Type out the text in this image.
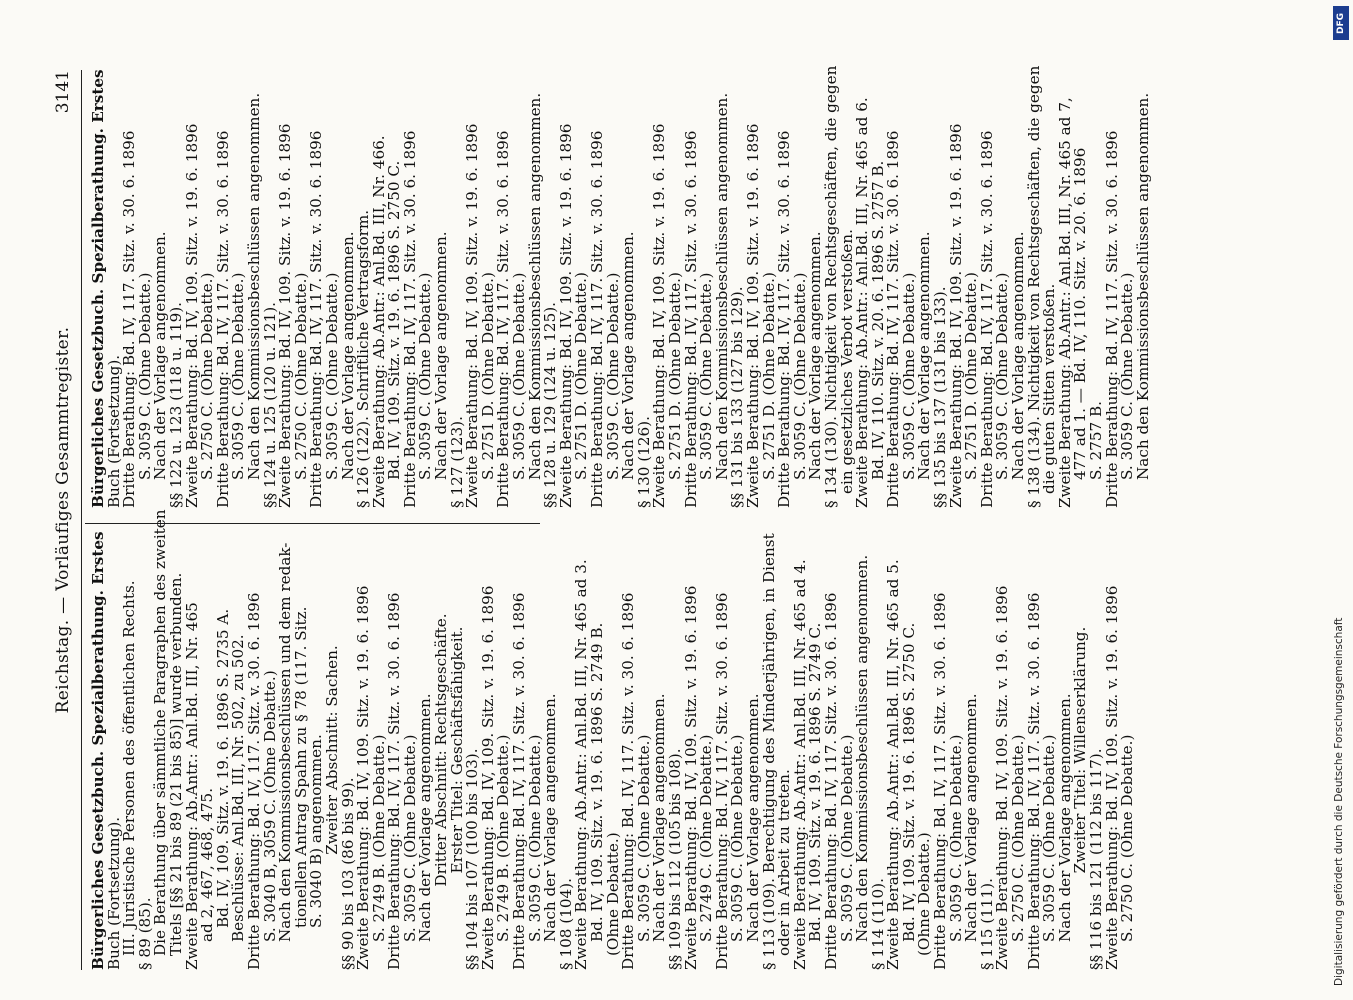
Reichstag. — Vorläufiges Gesammtregister.
3141
Bürgerliches Gesetzbuch. Spezialberathung. Erstes
Buch (Fortsetzung).
III. Juristische Personen des öffentlichen Rechts.
§ 89 (85).
Die Berathung über sämmtliche Paragraphen des zweiten
Titels [§§ 21 bis 89 (21 bis 85)] wurde verbunden.
Zweite Berathung: Ab.Antr.: Anl.Bd. III, Nr. 465
ad 2, 467, 468, 475.
Bd. IV, 109. Sitz. v. 19. 6. 1896 S. 2735 A.
Beschlüsse: Anl.Bd. III, Nr. 502, zu 502.
Dritte Berathung: Bd. IV, 117. Sitz. v. 30. 6. 1896
S. 3040 B, 3059 C. (Ohne Debatte.)
Nach den Kommissionsbeschlüssen und dem redak-
tionellen Antrag Spahn zu § 78 (117. Sitz.
S. 3040 B) angenommen.
Zweiter Abschnitt: Sachen.
§§ 90 bis 103 (86 bis 99).
Zweite Berathung: Bd. IV, 109. Sitz. v. 19. 6. 1896
S. 2749 B. (Ohne Debatte.)
Dritte Berathung: Bd. IV, 117. Sitz. v. 30. 6. 1896
S. 3059 C. (Ohne Debatte.)
Nach der Vorlage angenommen.
Dritter Abschnitt: Rechtsgeschäfte.
Erster Titel: Geschäftsfähigkeit.
§§ 104 bis 107 (100 bis 103).
Zweite Berathung: Bd. IV, 109. Sitz. v. 19. 6. 1896
S. 2749 B. (Ohne Debatte.)
Dritte Berathung: Bd. IV, 117. Sitz. v. 30. 6. 1896
S. 3059 C. (Ohne Debatte.)
Nach der Vorlage angenommen.
§ 108 (104).
Zweite Berathung: Ab.Antr.: Anl.Bd. III, Nr. 465 ad 3.
Bd. IV, 109. Sitz. v. 19. 6. 1896 S. 2749 B.
(Ohne Debatte.)
Dritte Berathung: Bd. IV, 117. Sitz. v. 30. 6. 1896
S. 3059 C. (Ohne Debatte.)
Nach der Vorlage angenommen.
§§ 109 bis 112 (105 bis 108).
Zweite Berathung: Bd. IV, 109. Sitz. v. 19. 6. 1896
S. 2749 C. (Ohne Debatte.)
Dritte Berathung: Bd. IV, 117. Sitz. v. 30. 6. 1896
S. 3059 C. (Ohne Debatte.)
Nach der Vorlage angenommen.
§ 113 (109). Berechtigung des Minderjährigen, in Dienst
oder in Arbeit zu treten.
Zweite Berathung: Ab.Antr.: Anl.Bd. III, Nr. 465 ad 4.
Bd. IV, 109. Sitz. v. 19. 6. 1896 S. 2749 C.
Dritte Berathung: Bd. IV, 117. Sitz. v. 30. 6. 1896
S. 3059 C. (Ohne Debatte.)
Nach den Kommissionsbeschlüssen angenommen.
§ 114 (110).
Zweite Berathung: Ab.Antr.: Anl.Bd. III, Nr. 465 ad 5.
Bd. IV, 109. Sitz. v. 19. 6. 1896 S. 2750 C.
(Ohne Debatte.)
Dritte Berathung: Bd. IV, 117. Sitz. v. 30. 6. 1896
S. 3059 C. (Ohne Debatte.)
Nach der Vorlage angenommen.
§ 115 (111).
Zweite Berathung: Bd. IV, 109. Sitz. v. 19. 6. 1896
S. 2750 C. (Ohne Debatte.)
Dritte Berathung: Bd. IV, 117. Sitz. v. 30. 6. 1896
S. 3059 C. (Ohne Debatte.)
Nach der Vorlage angenommen.
Zweiter Titel: Willenserklärung.
§§ 116 bis 121 (112 bis 117).
Zweite Berathung: Bd. IV, 109. Sitz. v. 19. 6. 1896
S. 2750 C. (Ohne Debatte.)
Bürgerliches Gesetzbuch. Spezialberathung. Erstes
Buch (Fortsetzung).
Dritte Berathung: Bd. IV, 117. Sitz. v. 30. 6. 1896
S. 3059 C. (Ohne Debatte.)
Nach der Vorlage angenommen.
§§ 122 u. 123 (118 u. 119).
Zweite Berathung: Bd. IV, 109. Sitz. v. 19. 6. 1896
S. 2750 C. (Ohne Debatte.)
Dritte Berathung: Bd. IV, 117. Sitz. v. 30. 6. 1896
S. 3059 C. (Ohne Debatte.)
Nach den Kommissionsbeschlüssen angenommen.
§§ 124 u. 125 (120 u. 121).
Zweite Berathung: Bd. IV, 109. Sitz. v. 19. 6. 1896
S. 2750 C. (Ohne Debatte.)
Dritte Berathung: Bd. IV, 117. Sitz. v. 30. 6. 1896
S. 3059 C. (Ohne Debatte.)
Nach der Vorlage angenommen.
§ 126 (122). Schriftliche Vertragsform.
Zweite Berathung: Ab.Antr.: Anl.Bd. III, Nr. 466.
Bd. IV, 109. Sitz. v. 19. 6. 1896 S. 2750 C.
Dritte Berathung: Bd. IV, 117. Sitz. v. 30. 6. 1896
S. 3059 C. (Ohne Debatte.)
Nach der Vorlage angenommen.
§ 127 (123).
Zweite Berathung: Bd. IV, 109. Sitz. v. 19. 6. 1896
S. 2751 D. (Ohne Debatte.)
Dritte Berathung: Bd. IV, 117. Sitz. v. 30. 6. 1896
S. 3059 C. (Ohne Debatte.)
Nach den Kommissionsbeschlüssen angenommen.
§§ 128 u. 129 (124 u. 125).
Zweite Berathung: Bd. IV, 109. Sitz. v. 19. 6. 1896
S. 2751 D. (Ohne Debatte.)
Dritte Berathung: Bd. IV, 117. Sitz. v. 30. 6. 1896
S. 3059 C. (Ohne Debatte.)
Nach der Vorlage angenommen.
§ 130 (126).
Zweite Berathung: Bd. IV, 109. Sitz. v. 19. 6. 1896
S. 2751 D. (Ohne Debatte.)
Dritte Berathung: Bd. IV, 117. Sitz. v. 30. 6. 1896
S. 3059 C. (Ohne Debatte.)
Nach den Kommissionsbeschlüssen angenommen.
§§ 131 bis 133 (127 bis 129).
Zweite Berathung: Bd. IV, 109. Sitz. v. 19. 6. 1896
S. 2751 D. (Ohne Debatte.)
Dritte Berathung: Bd. IV, 117. Sitz. v. 30. 6. 1896
S. 3059 C. (Ohne Debatte.)
Nach der Vorlage angenommen.
§ 134 (130). Nichtigkeit von Rechtsgeschäften, die gegen
ein gesetzliches Verbot verstoßen.
Zweite Berathung: Ab.Antr.: Anl.Bd. III, Nr. 465 ad 6.
Bd. IV, 110. Sitz. v. 20. 6. 1896 S. 2757 B.
Dritte Berathung: Bd. IV, 117. Sitz. v. 30. 6. 1896
S. 3059 C. (Ohne Debatte.)
Nach der Vorlage angenommen.
§§ 135 bis 137 (131 bis 133).
Zweite Berathung: Bd. IV, 109. Sitz. v. 19. 6. 1896
S. 2751 D. (Ohne Debatte.)
Dritte Berathung: Bd. IV, 117. Sitz. v. 30. 6. 1896
S. 3059 C. (Ohne Debatte.)
Nach der Vorlage angenommen.
§ 138 (134). Nichtigkeit von Rechtsgeschäften, die gegen
die guten Sitten verstoßen.
Zweite Berathung: Ab.Antr.: Anl.Bd. III, Nr. 465 ad 7,
477 ad 1. — Bd. IV, 110. Sitz. v. 20. 6. 1896
S. 2757 B.
Dritte Berathung: Bd. IV, 117. Sitz. v. 30. 6. 1896
S. 3059 C. (Ohne Debatte.)
Nach den Kommissionsbeschlüssen angenommen.
DFG
Digitalisierung gefördert durch die Deutsche Forschungsgemeinschaft
